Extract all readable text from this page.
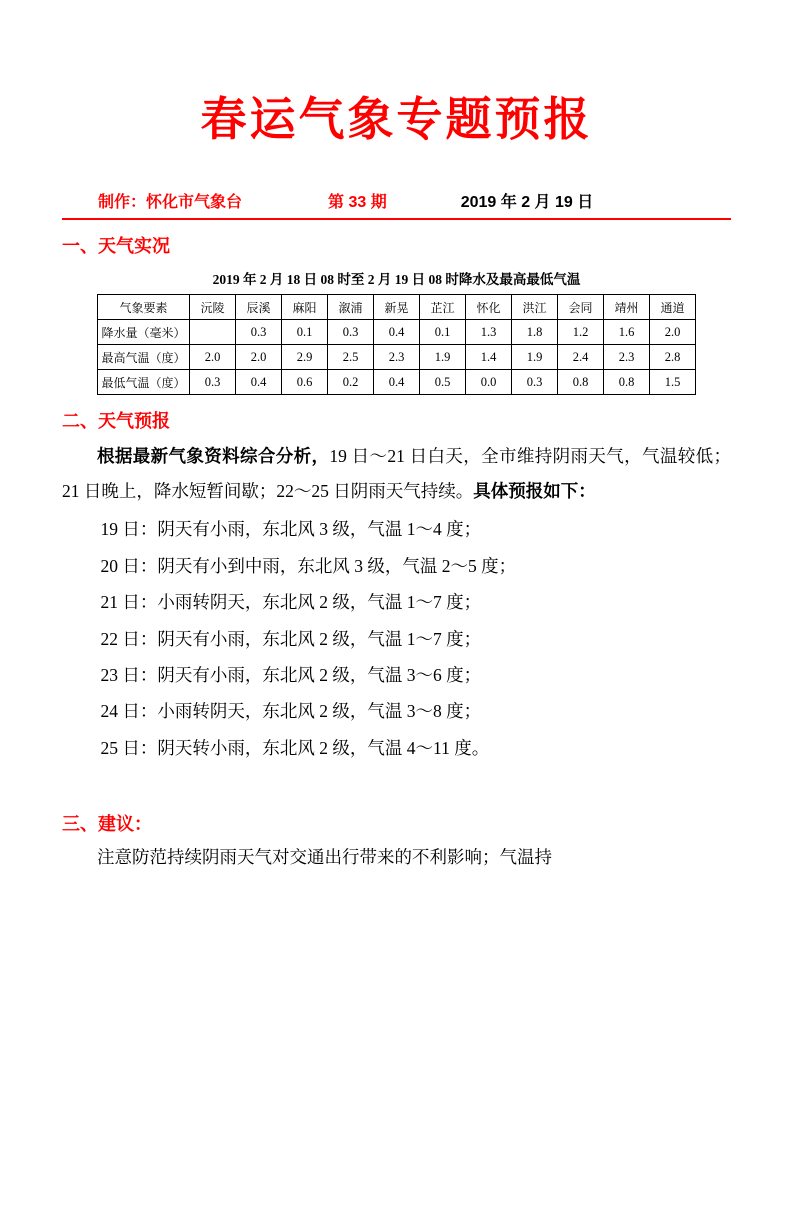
春运气象专题预报
制作：怀化市气象台	第 33 期	2019 年 2 月 19 日
一、天气实况
2019 年 2 月 18 日 08 时至 2 月 19 日 08 时降水及最高最低气温
气象要素	沅陵	辰溪	麻阳	溆浦	新晃	芷江	怀化	洪江	会同	靖州	通道
降水量（毫米）		0.3	0.1	0.3	0.4	0.1	1.3	1.8	1.2	1.6	2.0
最高气温（度）	2.0	2.0	2.9	2.5	2.3	1.9	1.4	1.9	2.4	2.3	2.8
最低气温（度）	0.3	0.4	0.6	0.2	0.4	0.5	0.0	0.3	0.8	0.8	1.5
二、天气预报

根据最新气象资料综合分析，19 日～21 日白天，全市维持阴雨天气，气温较低；21 日晚上，降水短暂间歇；22～25 日阴雨天气持续。具体预报如下：

19 日：阴天有小雨，东北风 3 级，气温 1～4 度；
20 日：阴天有小到中雨，东北风 3 级，气温 2～5 度；
21 日：小雨转阴天，东北风 2 级，气温 1～7 度；
22 日：阴天有小雨，东北风 2 级，气温 1～7 度；
23 日：阴天有小雨，东北风 2 级，气温 3～6 度；
24 日：小雨转阴天，东北风 2 级，气温 3～8 度；
25 日：阴天转小雨，东北风 2 级，气温 4～11 度。
三、建议：

注意防范持续阴雨天气对交通出行带来的不利影响；气温持
